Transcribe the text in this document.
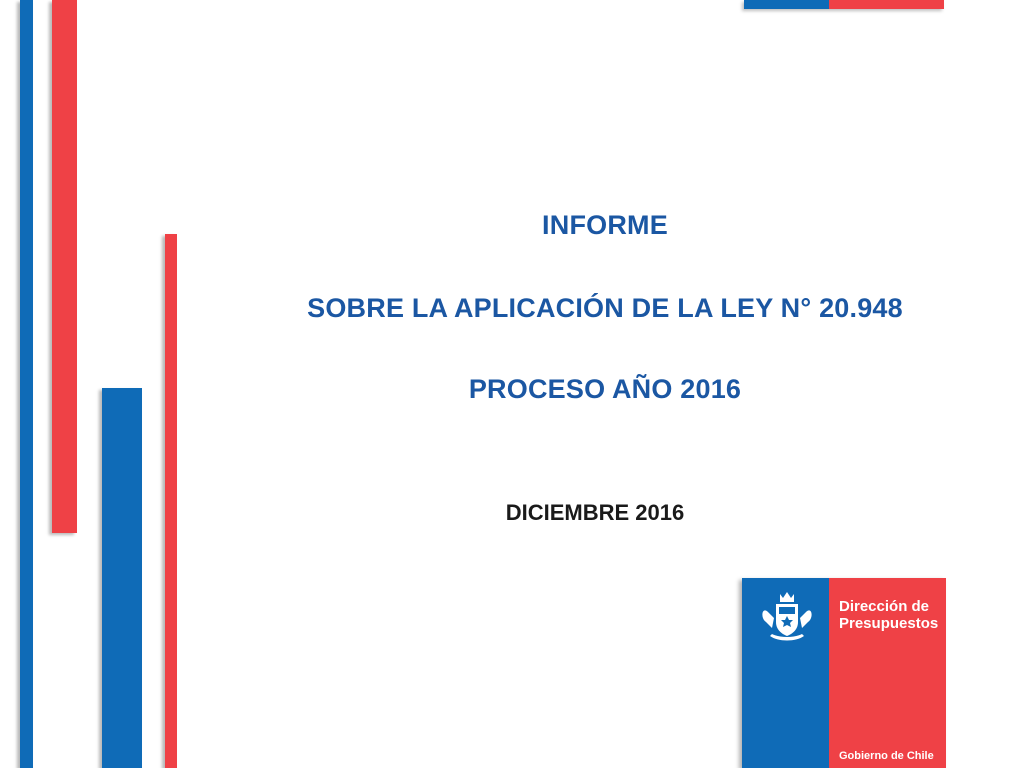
INFORME
SOBRE LA APLICACIÓN DE LA LEY N° 20.948
PROCESO AÑO 2016
DICIEMBRE 2016
Dirección de
Presupuestos
Gobierno de Chile
